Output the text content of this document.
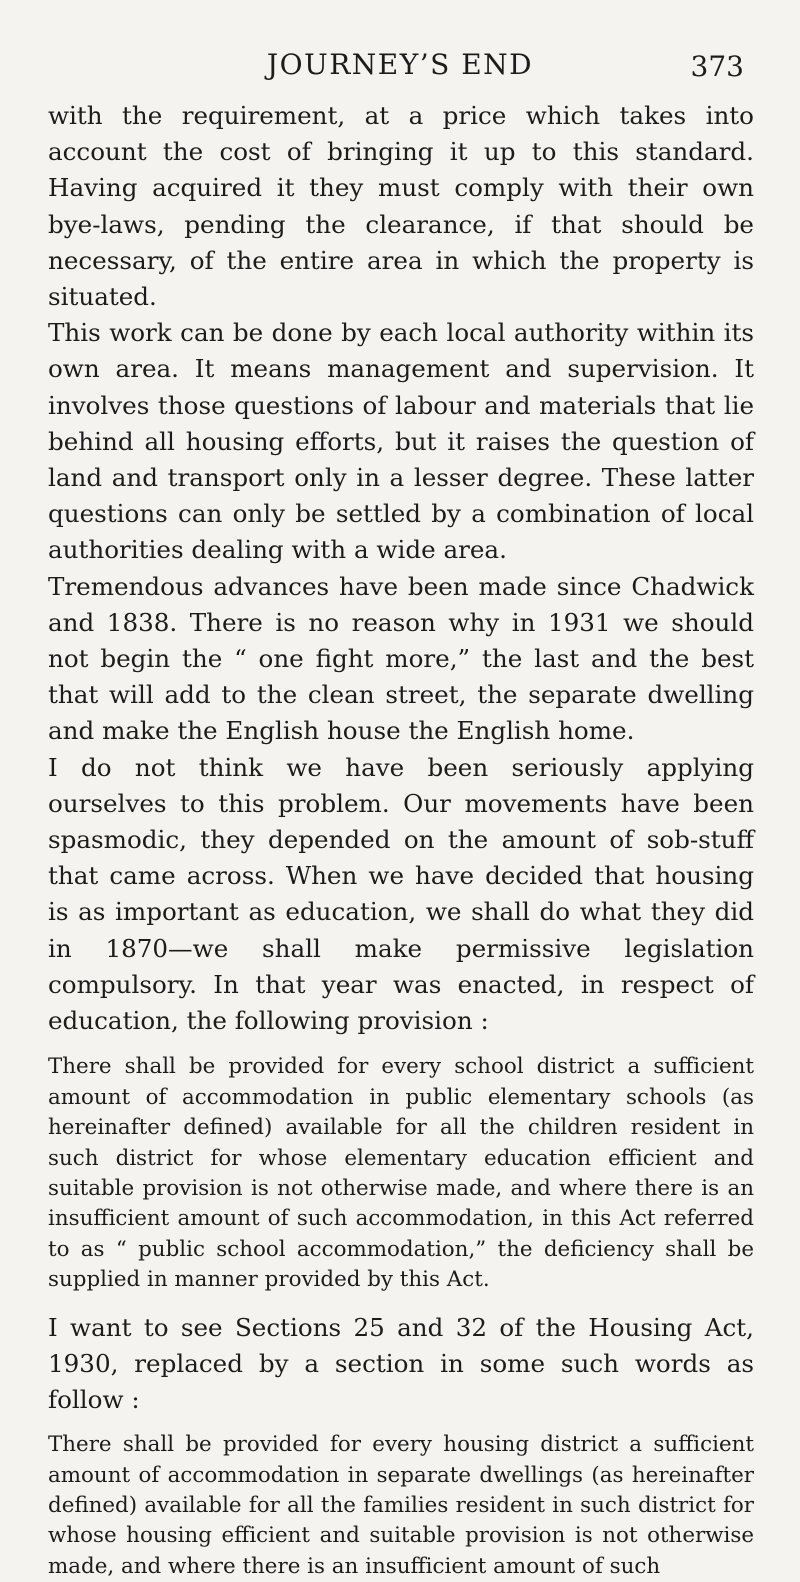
JOURNEY’S END	373

with the requirement, at a price which takes into account the cost of bringing it up to this standard. Having acquired it they must comply with their own bye-laws, pending the clearance, if that should be necessary, of the entire area in which the property is situated.

This work can be done by each local authority within its own area. It means management and supervision. It involves those questions of labour and materials that lie behind all housing efforts, but it raises the question of land and transport only in a lesser degree. These latter questions can only be settled by a combination of local authorities dealing with a wide area.

Tremendous advances have been made since Chadwick and 1838. There is no reason why in 1931 we should not begin the “ one fight more,” the last and the best that will add to the clean street, the separate dwelling and make the English house the English home.

I do not think we have been seriously applying ourselves to this problem. Our movements have been spasmodic, they depended on the amount of sob-stuff that came across. When we have decided that housing is as important as education, we shall do what they did in 1870—we shall make permissive legislation compulsory. In that year was enacted, in respect of education, the following provision :

There shall be provided for every school district a sufficient amount of accommodation in public elementary schools (as hereinafter defined) available for all the children resident in such district for whose elementary education efficient and suitable provision is not otherwise made, and where there is an insufficient amount of such accommodation, in this Act referred to as “ public school accommodation,” the deficiency shall be supplied in manner provided by this Act.

I want to see Sections 25 and 32 of the Housing Act, 1930, replaced by a section in some such words as follow :

There shall be provided for every housing district a sufficient amount of accommodation in separate dwellings (as hereinafter defined) available for all the families resident in such district for whose housing efficient and suitable provision is not otherwise made, and where there is an insufficient amount of such
